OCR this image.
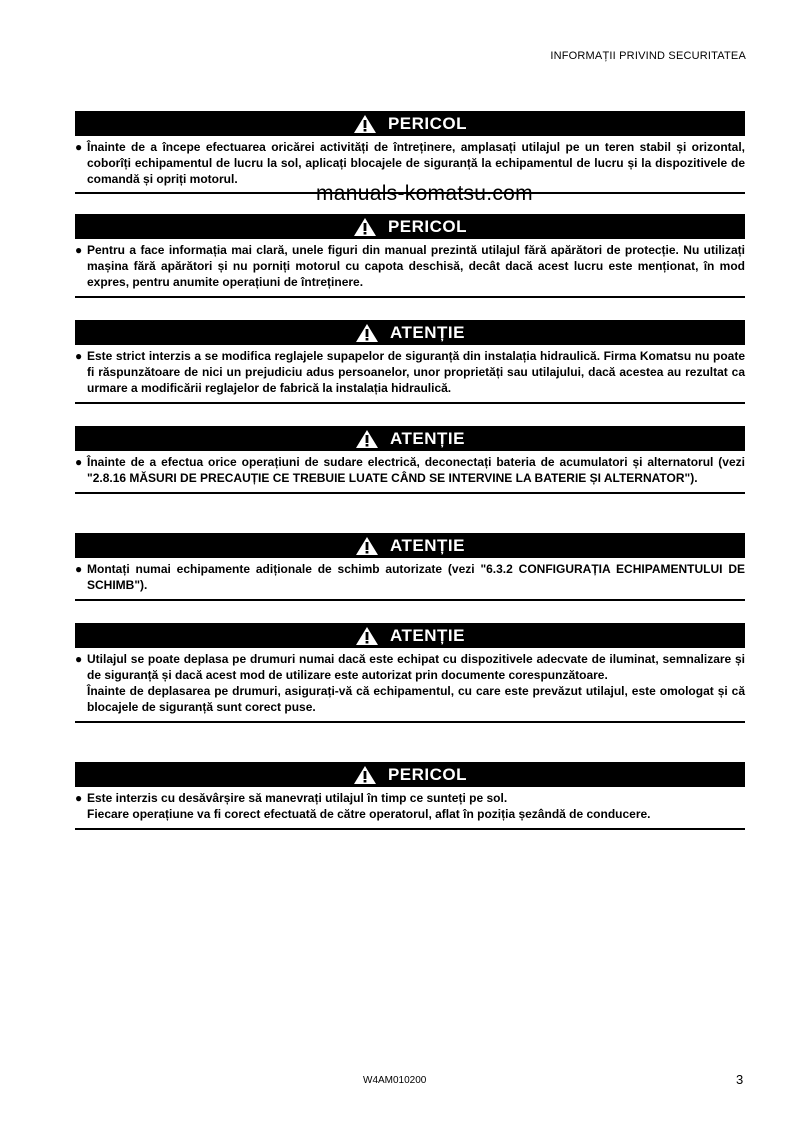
INFORMAȚII PRIVIND SECURITATEA
manuals-komatsu.com
PERICOL
● Înainte de a începe efectuarea oricărei activități de întreținere, amplasați utilajul pe un teren stabil și orizontal, coborîți echipamentul de lucru la sol, aplicați blocajele de siguranță la echipamentul de lucru și la dispozitivele de comandă și opriți motorul.

PERICOL
● Pentru a face informația mai clară, unele figuri din manual prezintă utilajul fără apărători de protecție. Nu utilizați mașina fără apărători și nu porniți motorul cu capota deschisă, decât dacă acest lucru este menționat, în mod expres, pentru anumite operațiuni de întreținere.

ATENȚIE
● Este strict interzis a se modifica reglajele supapelor de siguranță din instalația hidraulică. Firma Komatsu nu poate fi răspunzătoare de nici un prejudiciu adus persoanelor, unor proprietăți sau utilajului, dacă acestea au rezultat ca urmare a modificării reglajelor de fabrică la instalația hidraulică.

ATENȚIE
● Înainte de a efectua orice operațiuni de sudare electrică, deconectați bateria de acumulatori și alternatorul (vezi "2.8.16 MĂSURI DE PRECAUȚIE CE TREBUIE LUATE CÂND SE INTERVINE LA BATERIE ȘI ALTERNATOR").

ATENȚIE
● Montați numai echipamente adiționale de schimb autorizate (vezi "6.3.2 CONFIGURAȚIA ECHIPAMENTULUI DE SCHIMB").

ATENȚIE
● Utilajul se poate deplasa pe drumuri numai dacă este echipat cu dispozitivele adecvate de iluminat, semnalizare și de siguranță și dacă acest mod de utilizare este autorizat prin documente corespunzătoare.

Înainte de deplasarea pe drumuri, asigurați-vă că echipamentul, cu care este prevăzut utilajul, este omologat și că blocajele de siguranță sunt corect puse.

PERICOL
● Este interzis cu desăvârșire să manevrați utilajul în timp ce sunteți pe sol.

Fiecare operațiune va fi corect efectuată de către operatorul, aflat în poziția șezândă de conducere.

W4AM010200	3
